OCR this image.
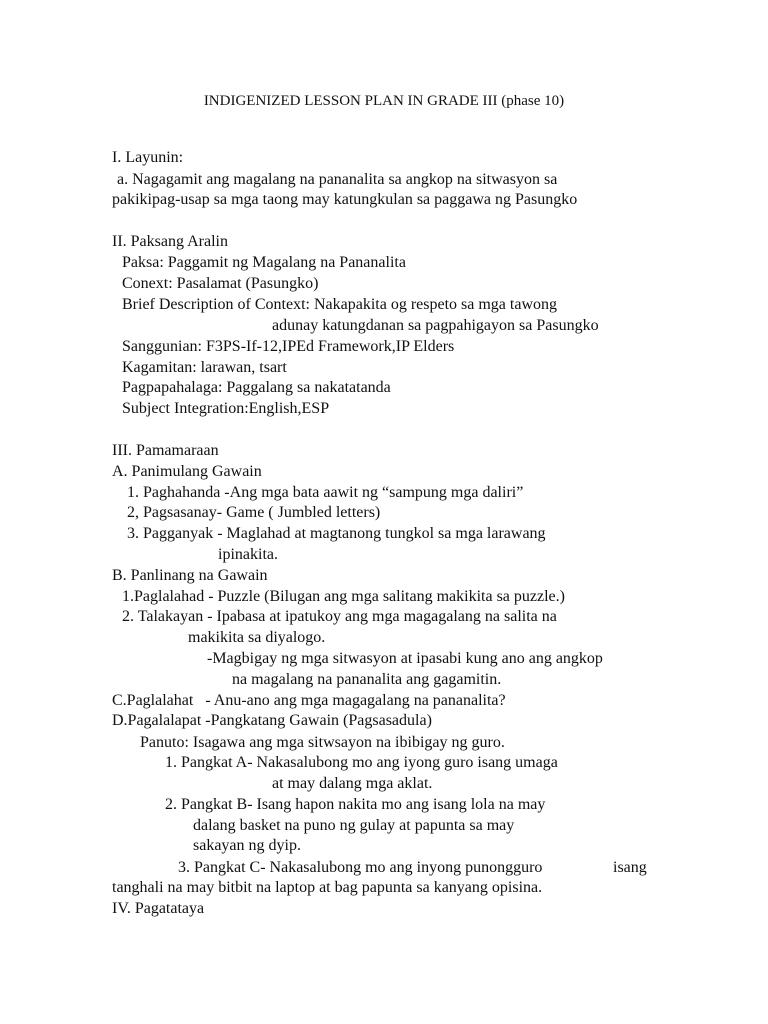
INDIGENIZED LESSON PLAN IN GRADE III (phase 10)
I. Layunin:
a. Nagagamit ang magalang na pananalita sa angkop na sitwasyon sa
pakikipag-usap sa mga taong may katungkulan sa paggawa ng Pasungko
II. Paksang Aralin
Paksa: Paggamit ng Magalang na Pananalita
Conext: Pasalamat (Pasungko)
Brief Description of Context: Nakapakita og respeto sa mga tawong
adunay katungdanan sa pagpahigayon sa Pasungko
Sanggunian: F3PS-If-12,IPEd Framework,IP Elders
Kagamitan: larawan, tsart
Pagpapahalaga: Paggalang sa nakatatanda
Subject Integration:English,ESP
III. Pamamaraan
A. Panimulang Gawain
1. Paghahanda -Ang mga bata aawit ng “sampung mga daliri”
2, Pagsasanay- Game ( Jumbled letters)
3. Pagganyak - Maglahad at magtanong tungkol sa mga larawang
ipinakita.
B. Panlinang na Gawain
1.Paglalahad - Puzzle (Bilugan ang mga salitang makikita sa puzzle.)
2. Talakayan - Ipabasa at ipatukoy ang mga magagalang na salita na
makikita sa diyalogo.
-Magbigay ng mga sitwasyon at ipasabi kung ano ang angkop
na magalang na pananalita ang gagamitin.
C.Paglalahat   - Anu-ano ang mga magagalang na pananalita?
D.Pagalalapat -Pangkatang Gawain (Pagsasadula)
Panuto: Isagawa ang mga sitwsayon na ibibigay ng guro.
1. Pangkat A- Nakasalubong mo ang iyong guro isang umaga
at may dalang mga aklat.
2. Pangkat B- Isang hapon nakita mo ang isang lola na may
dalang basket na puno ng gulay at papunta sa may
sakayan ng dyip.
3. Pangkat C- Nakasalubong mo ang inyong punongguro	isang
tanghali na may bitbit na laptop at bag papunta sa kanyang opisina.
IV. Pagatataya
